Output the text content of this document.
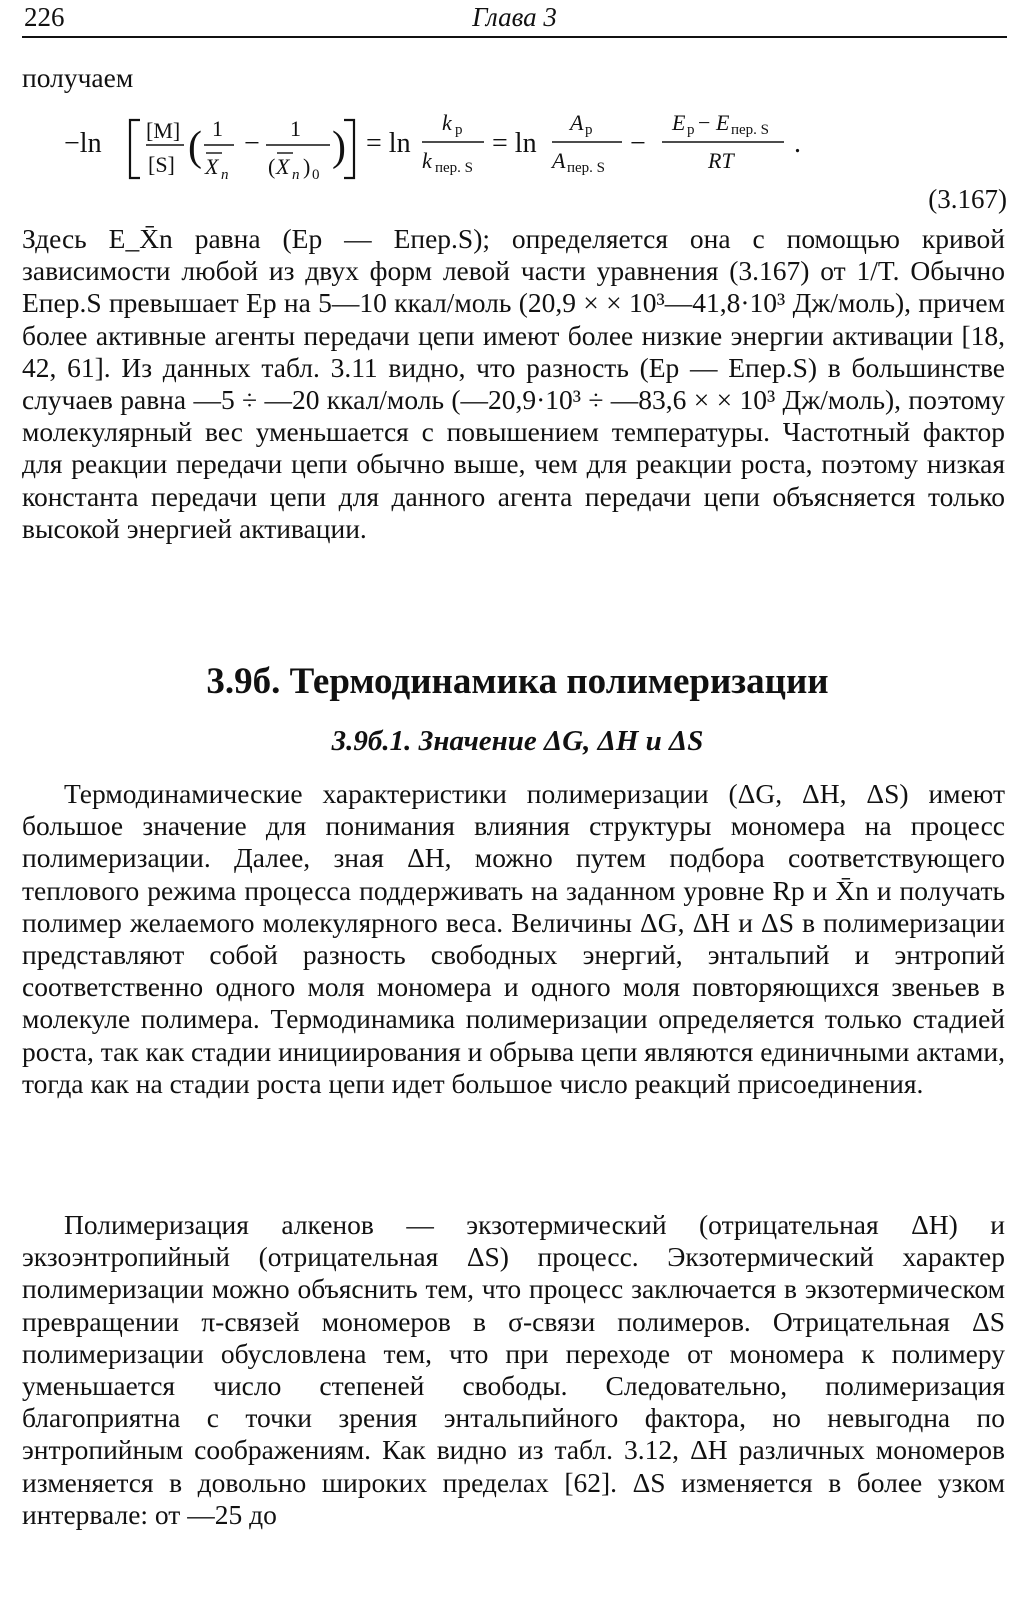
226	Глава 3
получаем
−ln [M]
[S] ( 1
X n
− 1
( X n ) 0
) = ln
k р
k пер. S
= ln
A р
A пер. S
−
E р − E пер. S
RT
.
(3.167)

Здесь E_X̄n равна (Eр — Eпер.S); определяется она с помощью кривой зависимости любой из двух форм левой части уравнения (3.167) от 1/T. Обычно Eпер.S превышает Eр на 5—10 ккал/моль (20,9 × × 10³—41,8·10³ Дж/моль), причем более активные агенты передачи цепи имеют более низкие энергии активации [18, 42, 61]. Из данных табл. 3.11 видно, что разность (Eр — Eпер.S) в большинстве случаев равна —5 ÷ —20 ккал/моль (—20,9·10³ ÷ —83,6 × × 10³ Дж/моль), поэтому молекулярный вес уменьшается с повышением температуры. Частотный фактор для реакции передачи цепи обычно выше, чем для реакции роста, поэтому низкая константа передачи цепи для данного агента передачи цепи объясняется только высокой энергией активации.

3.9б. Термодинамика полимеризации
3.9б.1. Значение ΔG, ΔH и ΔS

Термодинамические характеристики полимеризации (ΔG, ΔH, ΔS) имеют большое значение для понимания влияния структуры мономера на процесс полимеризации. Далее, зная ΔH, можно путем подбора соответствующего теплового режима процесса поддерживать на заданном уровне Rр и X̄n и получать полимер желаемого молекулярного веса. Величины ΔG, ΔH и ΔS в полимеризации представляют собой разность свободных энергий, энтальпий и энтропий соответственно одного моля мономера и одного моля повторяющихся звеньев в молекуле полимера. Термодинамика полимеризации определяется только стадией роста, так как стадии инициирования и обрыва цепи являются единичными актами, тогда как на стадии роста цепи идет большое число реакций присоединения.

Полимеризация алкенов — экзотермический (отрицательная ΔH) и экзоэнтропийный (отрицательная ΔS) процесс. Экзотермический характер полимеризации можно объяснить тем, что процесс заключается в экзотермическом превращении π-связей мономеров в σ-связи полимеров. Отрицательная ΔS полимеризации обусловлена тем, что при переходе от мономера к полимеру уменьшается число степеней свободы. Следовательно, полимеризация благоприятна с точки зрения энтальпийного фактора, но невыгодна по энтропийным соображениям. Как видно из табл. 3.12, ΔH различных мономеров изменяется в довольно широких пределах [62]. ΔS изменяется в более узком интервале: от —25 до
